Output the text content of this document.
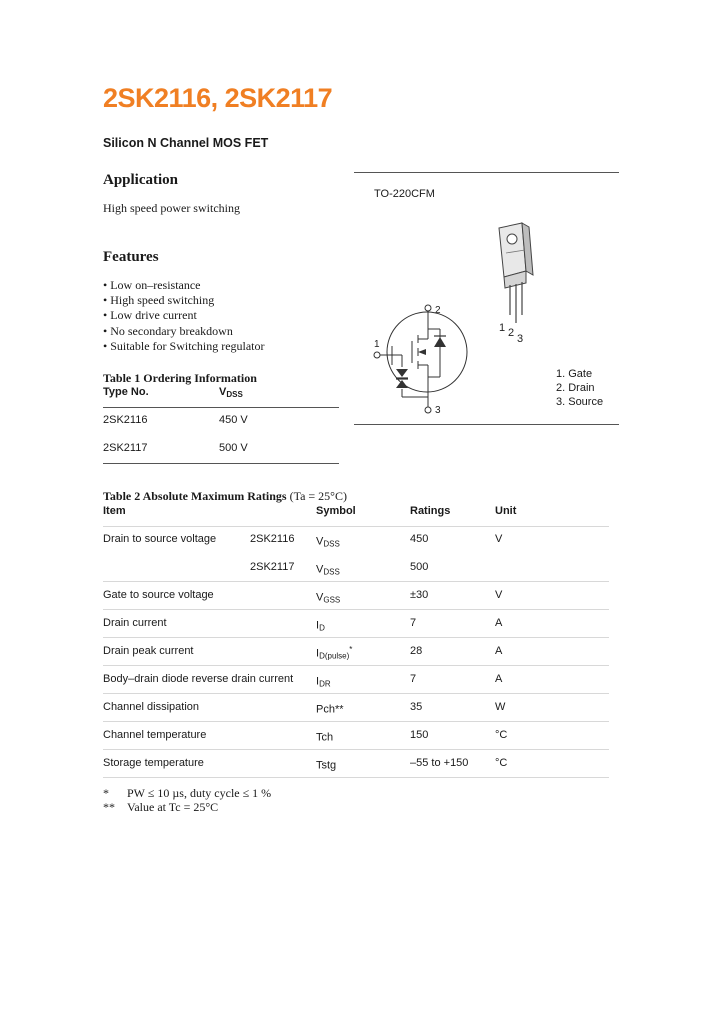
2SK2116, 2SK2117
Silicon N Channel MOS FET
Application
High speed power switching
Features
• Low on–resistance
• High speed switching
• Low drive current
• No secondary breakdown
• Suitable for Switching regulator
Table 1 Ordering Information
Type No.	$V_{DSS}$
2SK2116	450 V
2SK2117	500 V
TO-220CFM
1 2 3
2
3
1
1. Gate
2. Drain
3. Source
Table 2 Absolute Maximum Ratings (Ta = 25°C)
Item	Symbol	Ratings	Unit
Drain to source voltage	2SK2116 $V_{DSS}$	450	V
2SK2117 $V_{DSS}$	500
Gate to source voltage	$V_{GSS}$	±30	V
Drain current	$I_D$	7	A
Drain peak current	$I_{D(pulse)}^*$	28	A
Body–drain diode reverse drain current $I_{DR}$	7	A
Channel dissipation	Pch**	35	W
Channel temperature	Tch	150	°C
Storage temperature	Tstg	–55 to +150 °C
* PW ≤ 10 µs, duty cycle ≤ 1 %
** Value at Tc = 25°C
